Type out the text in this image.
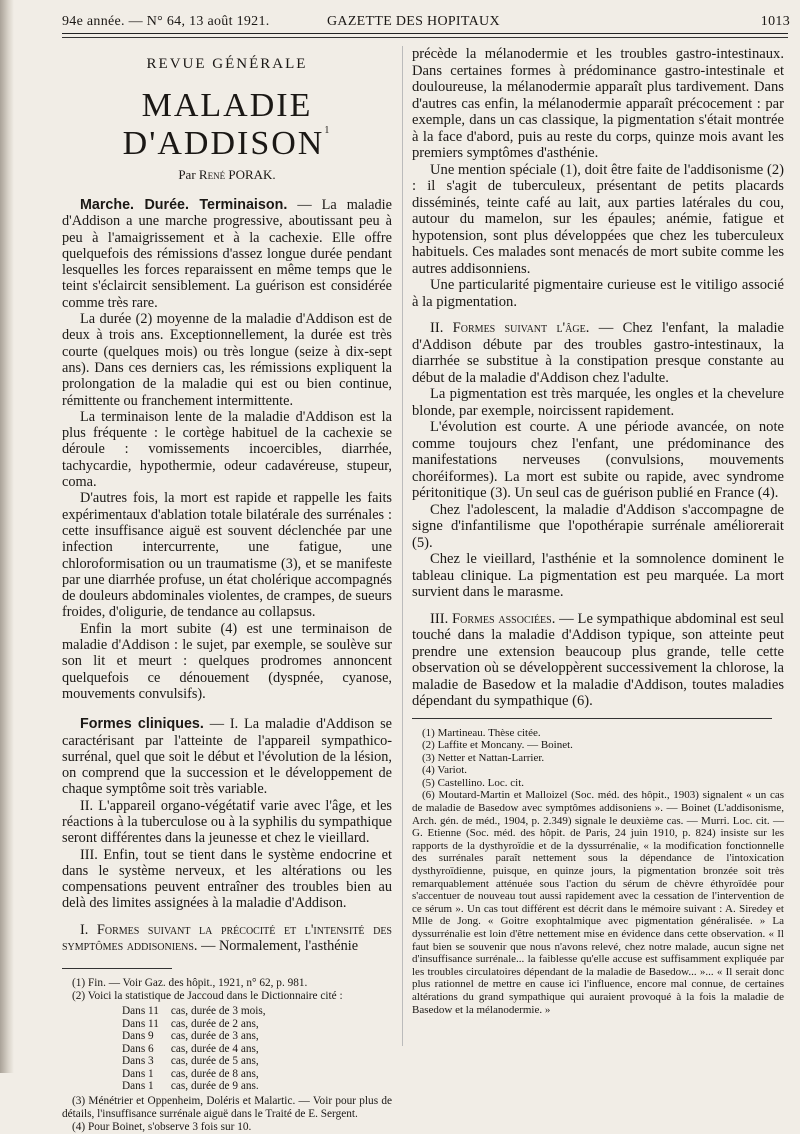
94e année. — N° 64, 13 août 1921.	GAZETTE DES HOPITAUX	1013
REVUE GÉNÉRALE
MALADIE D'ADDISON$^1$
Par René PORAK.

Marche. Durée. Terminaison. — La maladie d'Addison a une marche progressive, aboutissant peu à peu à l'amaigrissement et à la cachexie. Elle offre quelquefois des rémissions d'assez longue durée pendant lesquelles les forces reparaissent en même temps que le teint s'éclaircit sensiblement. La guérison est considérée comme très rare.

La durée (2) moyenne de la maladie d'Addison est de deux à trois ans. Exceptionnellement, la durée est très courte (quelques mois) ou très longue (seize à dix-sept ans). Dans ces derniers cas, les rémissions expliquent la prolongation de la maladie qui est ou bien continue, rémittente ou franchement intermittente.

La terminaison lente de la maladie d'Addison est la plus fréquente : le cortège habituel de la cachexie se déroule : vomissements incoercibles, diarrhée, tachycardie, hypothermie, odeur cadavéreuse, stupeur, coma.

D'autres fois, la mort est rapide et rappelle les faits expérimentaux d'ablation totale bilatérale des surrénales : cette insuffisance aiguë est souvent déclenchée par une infection intercurrente, une fatigue, une chloroformisation ou un traumatisme (3), et se manifeste par une diarrhée profuse, un état cholérique accompagnés de douleurs abdominales violentes, de crampes, de sueurs froides, d'oligurie, de tendance au collapsus.

Enfin la mort subite (4) est une terminaison de maladie d'Addison : le sujet, par exemple, se soulève sur son lit et meurt : quelques prodromes annoncent quelquefois ce dénouement (dyspnée, cyanose, mouvements convulsifs).

Formes cliniques. — I. La maladie d'Addison se caractérisant par l'atteinte de l'appareil sympathico-surrénal, quel que soit le début et l'évolution de la lésion, on comprend que la succession et le développement de chaque symptôme soit très variable.

II. L'appareil organo-végétatif varie avec l'âge, et les réactions à la tuberculose ou à la syphilis du sympathique seront différentes dans la jeunesse et chez le vieillard.

III. Enfin, tout se tient dans le système endocrine et dans le système nerveux, et les altérations ou les compensations peuvent entraîner des troubles bien au delà des limites assignées à la maladie d'Addison.

I. Formes suivant la précocité et l'intensité des symptômes addisoniens. — Normalement, l'asthénie

(1) Fin. — Voir Gaz. des hôpit., 1921, n° 62, p. 981.

(2) Voici la statistique de Jaccoud dans le Dictionnaire cité :

Dans 11 cas, durée de 3 mois,
Dans 11 cas, durée de 2 ans,
Dans 9 cas, durée de 3 ans,
Dans 6 cas, durée de 4 ans,
Dans 3 cas, durée de 5 ans,
Dans 1 cas, durée de 8 ans,
Dans 1 cas, durée de 9 ans.

(3) Ménétrier et Oppenheim, Doléris et Malartic. — Voir pour plus de détails, l'insuffisance surrénale aiguë dans le Traité de E. Sergent.

(4) Pour Boinet, s'observe 3 fois sur 10.

précède la mélanodermie et les troubles gastro-intestinaux. Dans certaines formes à prédominance gastro-intestinale et douloureuse, la mélanodermie apparaît plus tardivement. Dans d'autres cas enfin, la mélanodermie apparaît précocement : par exemple, dans un cas classique, la pigmentation s'était montrée à la face d'abord, puis au reste du corps, quinze mois avant les premiers symptômes d'asthénie.

Une mention spéciale (1), doit être faite de l'addisonisme (2) : il s'agit de tuberculeux, présentant de petits placards disséminés, teinte café au lait, aux parties latérales du cou, autour du mamelon, sur les épaules; anémie, fatigue et hypotension, sont plus développées que chez les tuberculeux habituels. Ces malades sont menacés de mort subite comme les autres addisonniens.

Une particularité pigmentaire curieuse est le vitiligo associé à la pigmentation.

II. Formes suivant l'âge. — Chez l'enfant, la maladie d'Addison débute par des troubles gastro-intestinaux, la diarrhée se substitue à la constipation presque constante au début de la maladie d'Addison chez l'adulte.

La pigmentation est très marquée, les ongles et la chevelure blonde, par exemple, noircissent rapidement.

L'évolution est courte. A une période avancée, on note comme toujours chez l'enfant, une prédominance des manifestations nerveuses (convulsions, mouvements choréiformes). La mort est subite ou rapide, avec syndrome péritonitique (3). Un seul cas de guérison publié en France (4).

Chez l'adolescent, la maladie d'Addison s'accompagne de signe d'infantilisme que l'opothérapie surrénale améliorerait (5).

Chez le vieillard, l'asthénie et la somnolence dominent le tableau clinique. La pigmentation est peu marquée. La mort survient dans le marasme.

III. Formes associées. — Le sympathique abdominal est seul touché dans la maladie d'Addison typique, son atteinte peut prendre une extension beaucoup plus grande, telle cette observation où se développèrent successivement la chlorose, la maladie de Basedow et la maladie d'Addison, toutes maladies dépendant du sympathique (6).

(1) Martineau. Thèse citée.

(2) Laffite et Moncany. — Boinet.

(3) Netter et Nattan-Larrier.

(4) Variot.

(5) Castellino. Loc. cit.

(6) Moutard-Martin et Malloizel (Soc. méd. des hôpit., 1903) signalent « un cas de maladie de Basedow avec symptômes addisoniens ». — Boinet (L'addisonisme, Arch. gén. de méd., 1904, p. 2.349) signale le deuxième cas. — Murri. Loc. cit. — G. Etienne (Soc. méd. des hôpit. de Paris, 24 juin 1910, p. 824) insiste sur les rapports de la dysthyroïdie et de la dyssurrénalie, « la modification fonctionnelle des surrénales paraît nettement sous la dépendance de l'intoxication dysthyroïdienne, puisque, en quinze jours, la pigmentation bronzée soit très remarquablement atténuée sous l'action du sérum de chèvre éthyroïdée pour s'accentuer de nouveau tout aussi rapidement avec la cessation de l'intervention de ce sérum ». Un cas tout différent est décrit dans le mémoire suivant : A. Siredey et Mlle de Jong. « Goitre exophtalmique avec pigmentation généralisée. » La dyssurrénalie est loin d'être nettement mise en évidence dans cette observation. « Il faut bien se souvenir que nous n'avons relevé, chez notre malade, aucun signe net d'insuffisance surrénale... la faiblesse qu'elle accuse est suffisamment expliquée par les troubles circulatoires dépendant de la maladie de Basedow... »... « Il serait donc plus rationnel de mettre en cause ici l'influence, encore mal connue, de certaines altérations du grand sympathique qui auraient provoqué à la fois la maladie de Basedow et la mélanodermie. »
